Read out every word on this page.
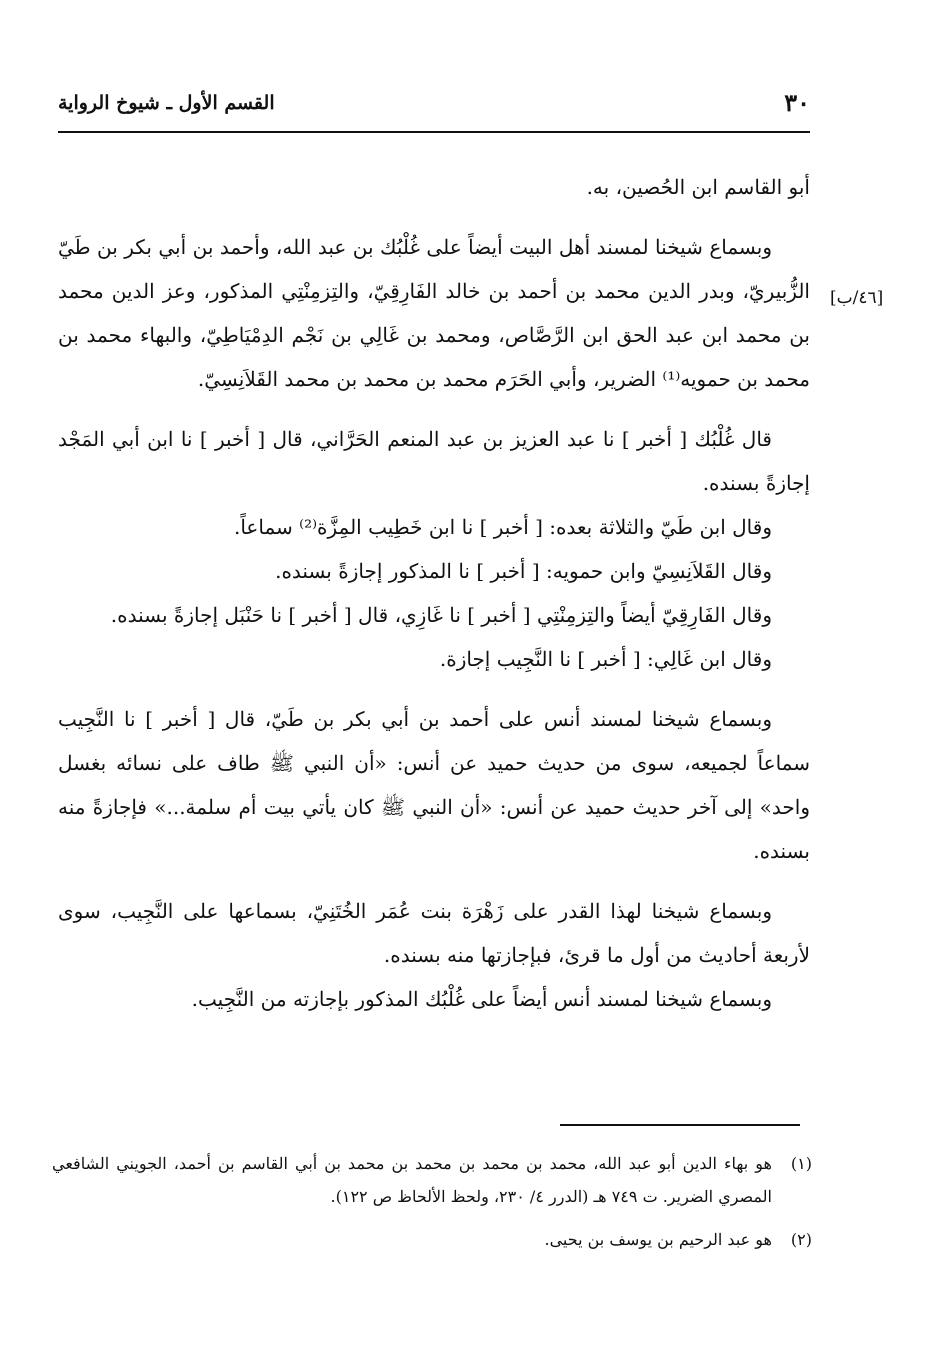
٣٠
القسم الأول ـ شيوخ الرواية
[٤٦/ب]

أبو القاسم ابن الحُصين، به.

وبسماع شيخنا لمسند أهل البيت أيضاً على غُلْبُك بن عبد الله، وأحمد بن أبي بكر بن طَيّ الزُّبيريّ، وبدر الدين محمد بن أحمد بن خالد الفَارِقِيّ، والتِزمِنْتِي المذكور، وعز الدين محمد بن محمد ابن عبد الحق ابن الرَّصَّاص، ومحمد بن غَالِي بن نَجْم الدِمْيَاطِيّ، والبهاء محمد بن محمد بن حمويه⁽¹⁾ الضرير، وأبي الحَرَم محمد بن محمد بن محمد القَلاَنِسِيّ.

قال غُلْبُك [ أخبر ] نا عبد العزيز بن عبد المنعم الحَرَّاني، قال [ أخبر ] نا ابن أبي المَجْد إجازةً بسنده.

وقال ابن طَيّ والثلاثة بعده: [ أخبر ] نا ابن خَطِيب المِزَّة⁽²⁾ سماعاً.

وقال القَلاَنِسِيّ وابن حمويه: [ أخبر ] نا المذكور إجازةً بسنده.

وقال الفَارِقِيّ أيضاً والتِزمِنْتِي [ أخبر ] نا غَازِي، قال [ أخبر ] نا حَنْبَل إجازةً بسنده.

وقال ابن غَالِي: [ أخبر ] نا النَّجِيب إجازة.

وبسماع شيخنا لمسند أنس على أحمد بن أبي بكر بن طَيّ، قال [ أخبر ] نا النَّجِيب سماعاً لجميعه، سوى من حديث حميد عن أنس: «أن النبي ﷺ طاف على نسائه بغسل واحد» إلى آخر حديث حميد عن أنس: «أن النبي ﷺ كان يأتي بيت أم سلمة...» فإجازةً منه بسنده.

وبسماع شيخنا لهذا القدر على زَهْرَة بنت عُمَر الخُتَنِيّ، بسماعها على النَّجِيب، سوى لأربعة أحاديث من أول ما قرئ، فبإجازتها منه بسنده.

وبسماع شيخنا لمسند أنس أيضاً على غُلْبُك المذكور بإجازته من النَّجِيب.

(١)
هو بهاء الدين أبو عبد الله، محمد بن محمد بن محمد بن محمد بن أبي القاسم بن أحمد، الجويني الشافعي المصري الضرير. ت ٧٤٩ هـ (الدرر ٤/ ٢٣٠، ولحظ الألحاظ ص ١٢٢).

(٢)
هو عبد الرحيم بن يوسف بن يحيى.
